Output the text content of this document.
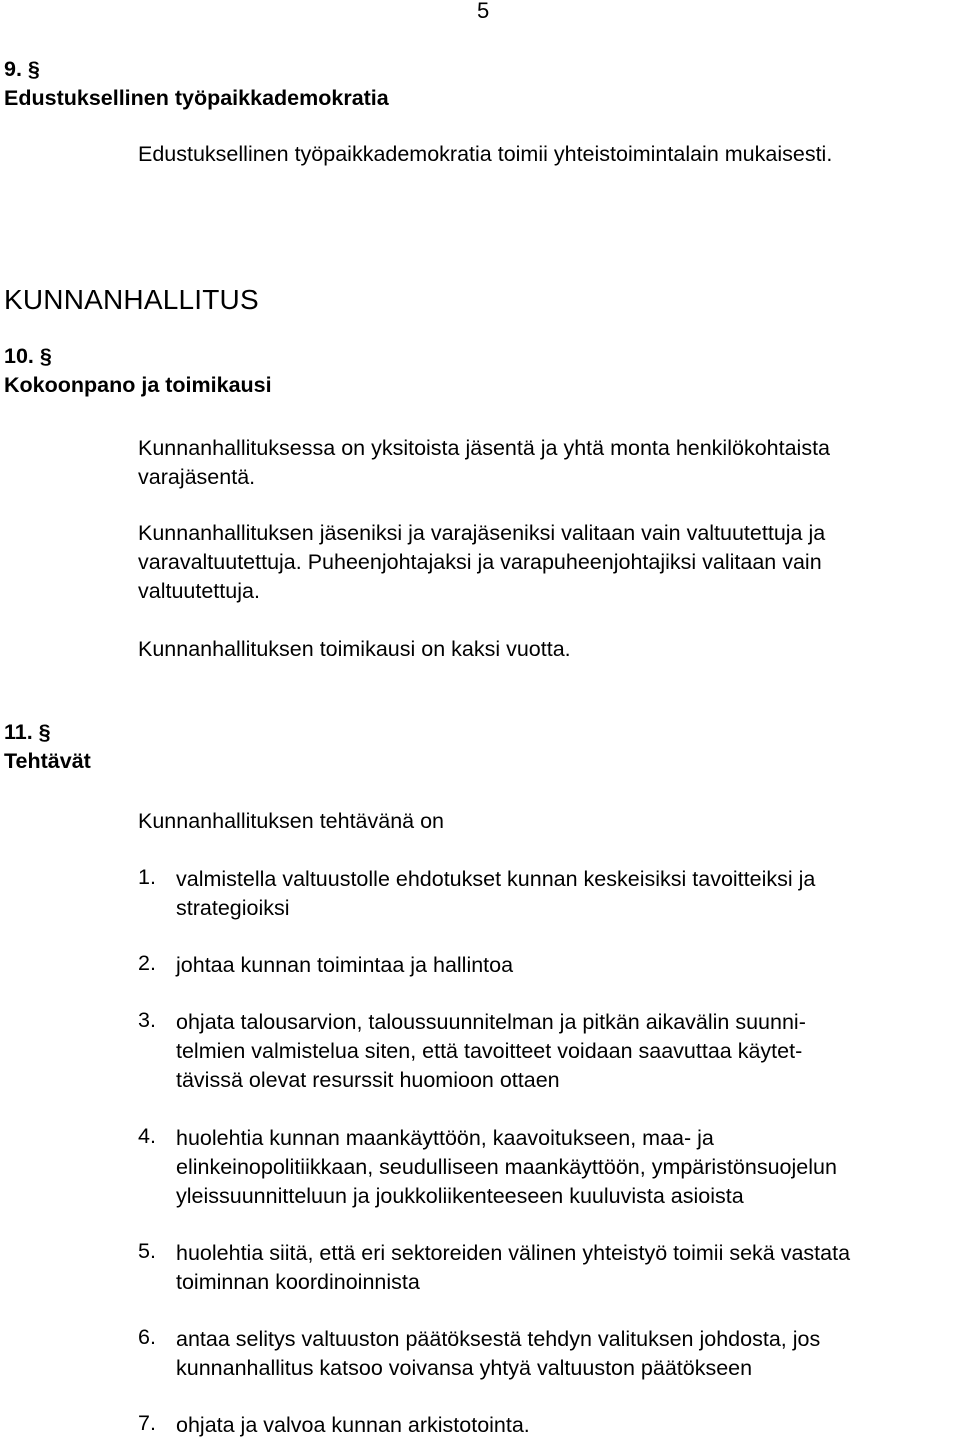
5
9. §
Edustuksellinen työpaikkademokratia
Edustuksellinen työpaikkademokratia toimii yhteistoimintalain mukaisesti.
KUNNANHALLITUS
10. §
Kokoonpano ja toimikausi
Kunnanhallituksessa on yksitoista jäsentä ja yhtä monta henkilökohtaista
varajäsentä.
Kunnanhallituksen jäseniksi ja varajäseniksi valitaan vain valtuutettuja ja
varavaltuutettuja. Puheenjohtajaksi ja varapuheenjohtajiksi valitaan vain
valtuutettuja.
Kunnanhallituksen toimikausi on kaksi vuotta.
11. §
Tehtävät
Kunnanhallituksen tehtävänä on
1. valmistella valtuustolle ehdotukset kunnan keskeisiksi tavoitteiksi ja
strategioiksi
2. johtaa kunnan toimintaa ja hallintoa
3. ohjata talousarvion, taloussuunnitelman ja pitkän aikavälin suunni-
telmien valmistelua siten, että tavoitteet voidaan saavuttaa käytet-
tävissä olevat resurssit huomioon ottaen
4. huolehtia kunnan maankäyttöön, kaavoitukseen, maa- ja
elinkeinopolitiikkaan, seudulliseen maankäyttöön, ympäristönsuojelun
yleissuunnitteluun ja joukkoliikenteeseen kuuluvista asioista
5. huolehtia siitä, että eri sektoreiden välinen yhteistyö toimii sekä vastata
toiminnan koordinoinnista
6. antaa selitys valtuuston päätöksestä tehdyn valituksen johdosta, jos
kunnanhallitus katsoo voivansa yhtyä valtuuston päätökseen
7. ohjata ja valvoa kunnan arkistotointa.
